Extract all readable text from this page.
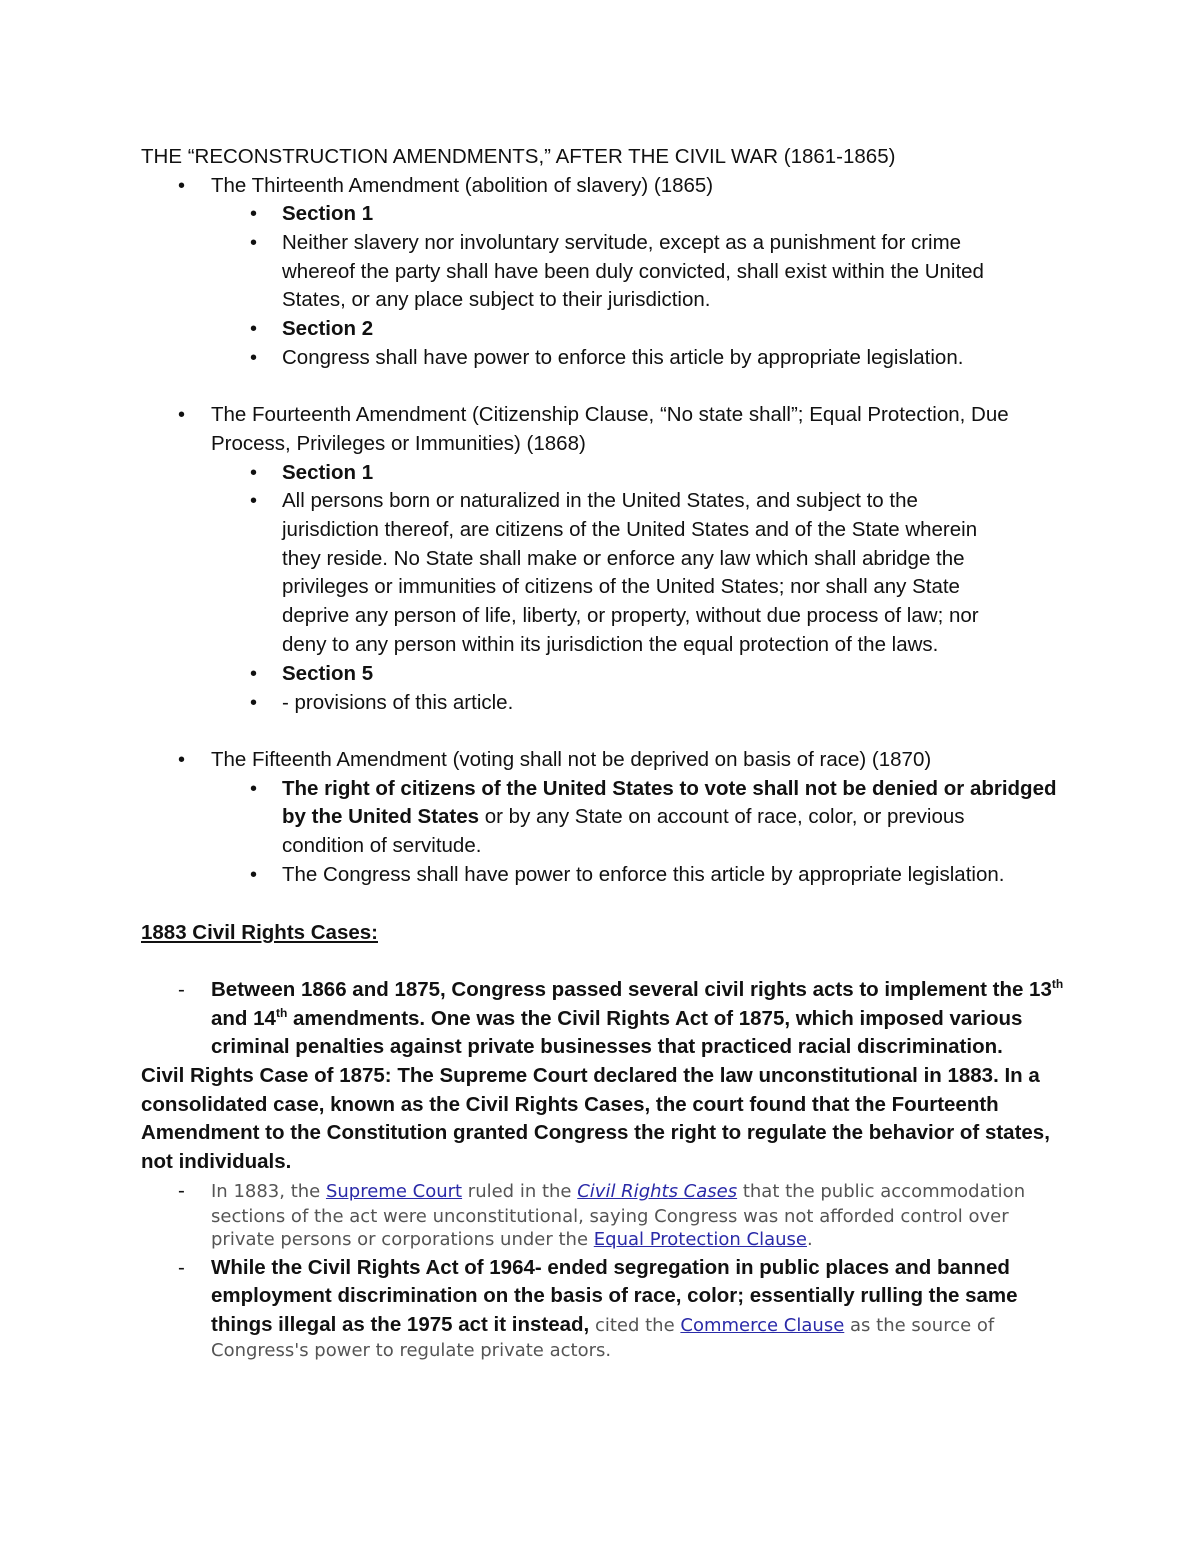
THE “RECONSTRUCTION AMENDMENTS,” AFTER THE CIVIL WAR (1861-1865)
• The Thirteenth Amendment (abolition of slavery) (1865)
• Section 1
• Neither slavery nor involuntary servitude, except as a punishment for crime
whereof the party shall have been duly convicted, shall exist within the United
States, or any place subject to their jurisdiction.
• Section 2
• Congress shall have power to enforce this article by appropriate legislation.
• The Fourteenth Amendment (Citizenship Clause, “No state shall”; Equal Protection, Due
Process, Privileges or Immunities) (1868)
• Section 1
• All persons born or naturalized in the United States, and subject to the
jurisdiction thereof, are citizens of the United States and of the State wherein
they reside. No State shall make or enforce any law which shall abridge the
privileges or immunities of citizens of the United States; nor shall any State
deprive any person of life, liberty, or property, without due process of law; nor
deny to any person within its jurisdiction the equal protection of the laws.
• Section 5
• - provisions of this article.
• The Fifteenth Amendment (voting shall not be deprived on basis of race) (1870)
• The right of citizens of the United States to vote shall not be denied or abridged
by the United States or by any State on account of race, color, or previous
condition of servitude.
• The Congress shall have power to enforce this article by appropriate legislation.
1883 Civil Rights Cases:
- Between 1866 and 1875, Congress passed several civil rights acts to implement the 13th
and 14th amendments. One was the Civil Rights Act of 1875, which imposed various
criminal penalties against private businesses that practiced racial discrimination.
Civil Rights Case of 1875: The Supreme Court declared the law unconstitutional in 1883. In a
consolidated case, known as the Civil Rights Cases, the court found that the Fourteenth
Amendment to the Constitution granted Congress the right to regulate the behavior of states,
not individuals.
- In 1883, the Supreme Court ruled in the Civil Rights Cases that the public accommodation
sections of the act were unconstitutional, saying Congress was not afforded control over
private persons or corporations under the Equal Protection Clause.
- While the Civil Rights Act of 1964- ended segregation in public places and banned
employment discrimination on the basis of race, color; essentially rulling the same
things illegal as the 1975 act it instead, cited the Commerce Clause as the source of
Congress's power to regulate private actors.
